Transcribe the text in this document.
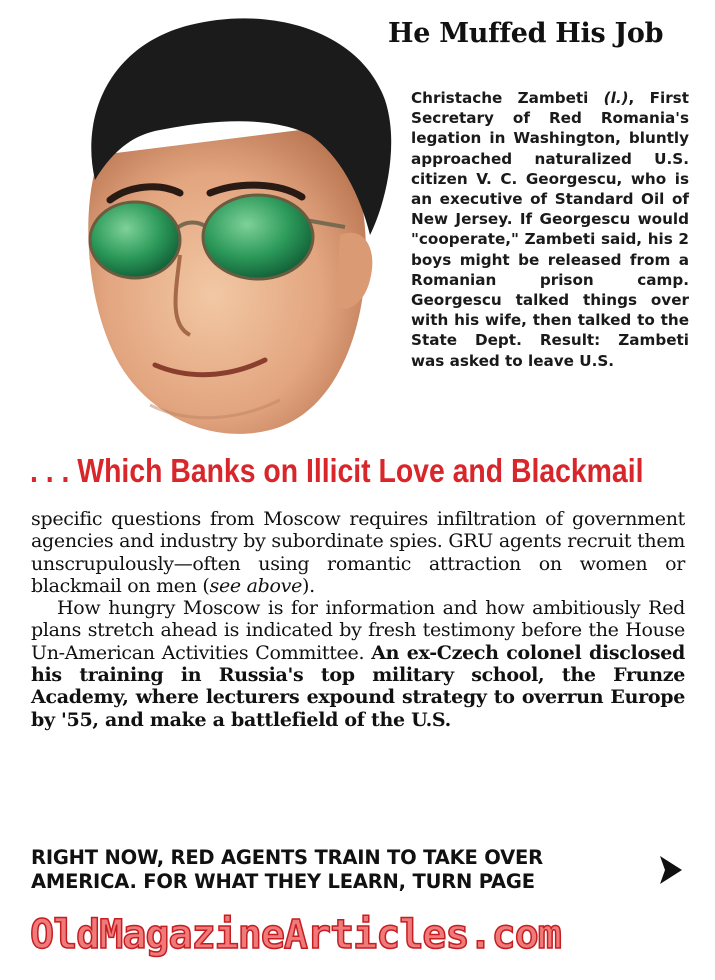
He Muffed His Job
Christache Zambeti (l.), First Secretary of Red Romania's legation in Washington, bluntly approached naturalized U.S. citizen V. C. Georgescu, who is an executive of Standard Oil of New Jersey. If Georgescu would "cooperate," Zambeti said, his 2 boys might be released from a Romanian prison camp. Georgescu talked things over with his wife, then talked to the State Dept. Result: Zambeti was asked to leave U.S.
. . . Which Banks on Illicit Love and Blackmail

specific questions from Moscow requires infiltration of government agencies and industry by subordinate spies. GRU agents recruit them unscrupulously—often using romantic attraction on women or blackmail on men (see above).

How hungry Moscow is for information and how ambitiously Red plans stretch ahead is indicated by fresh testimony before the House Un-American Activities Committee. An ex-Czech colonel disclosed his training in Russia's top military school, the Frunze Academy, where lecturers expound strategy to overrun Europe by '55, and make a battlefield of the U.S.

RIGHT NOW, RED AGENTS TRAIN TO TAKE OVER
AMERICA. FOR WHAT THEY LEARN, TURN PAGE
OldMagazineArticles.com
